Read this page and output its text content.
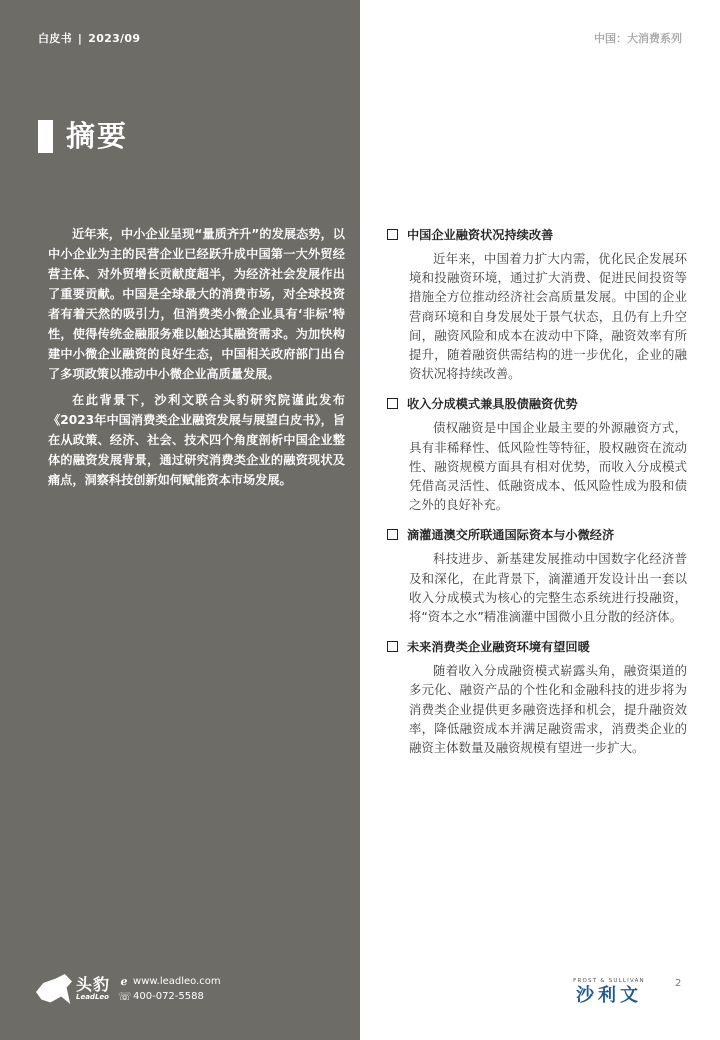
白皮书 | 2023/09	中国：大消费系列
摘要

近年来，中小企业呈现“量质齐升”的发展态势，以中小企业为主的民营企业已经跃升成中国第一大外贸经营主体、对外贸增长贡献度超半，为经济社会发展作出了重要贡献。中国是全球最大的消费市场，对全球投资者有着天然的吸引力，但消费类小微企业具有‘非标’特性，使得传统金融服务难以触达其融资需求。为加快构建中小微企业融资的良好生态，中国相关政府部门出台了多项政策以推动中小微企业高质量发展。

在此背景下，沙利文联合头豹研究院谨此发布《2023年中国消费类企业融资发展与展望白皮书》，旨在从政策、经济、社会、技术四个角度剖析中国企业整体的融资发展背景，通过研究消费类企业的融资现状及痛点，洞察科技创新如何赋能资本市场发展。

中国企业融资状况持续改善
近年来，中国着力扩大内需，优化民企发展环境和投融资环境，通过扩大消费、促进民间投资等措施全方位推动经济社会高质量发展。中国的企业营商环境和自身发展处于景气状态，且仍有上升空间，融资风险和成本在波动中下降，融资效率有所提升，随着融资供需结构的进一步优化，企业的融资状况将持续改善。
收入分成模式兼具股债融资优势
债权融资是中国企业最主要的外源融资方式，具有非稀释性、低风险性等特征，股权融资在流动性、融资规模方面具有相对优势，而收入分成模式凭借高灵活性、低融资成本、低风险性成为股和债之外的良好补充。
滴灌通澳交所联通国际资本与小微经济
科技进步、新基建发展推动中国数字化经济普及和深化，在此背景下，滴灌通开发设计出一套以收入分成模式为核心的完整生态系统进行投融资，将“资本之水”精准滴灌中国微小且分散的经济体。
未来消费类企业融资环境有望回暖
随着收入分成融资模式崭露头角，融资渠道的多元化、融资产品的个性化和金融科技的进步将为消费类企业提供更多融资选择和机会，提升融资效率，降低融资成本并满足融资需求，消费类企业的融资主体数量及融资规模有望进一步扩大。
头豹
LeadLeo
ℯ www.leadleo.com
☏ 400-072-5588
FROST & SULLIVAN
沙利文
2
